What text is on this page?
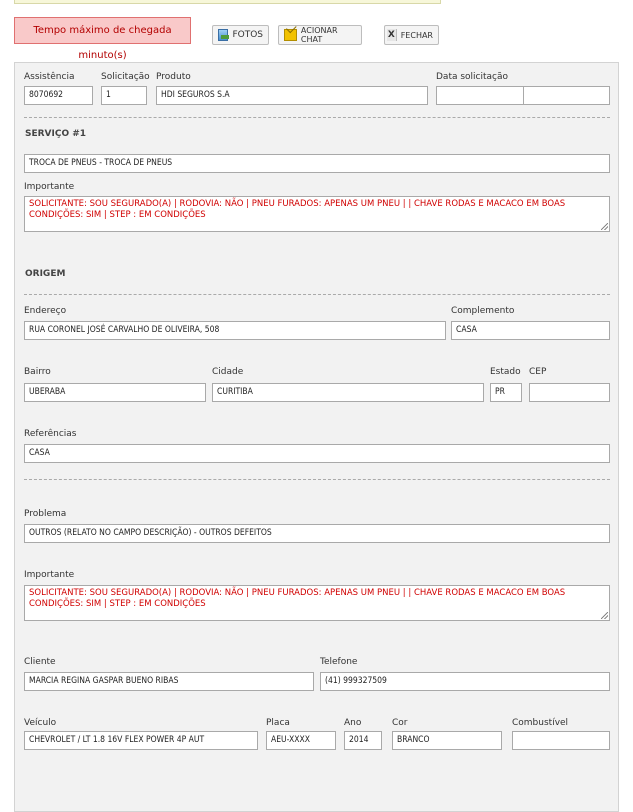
Tempo máximo de chegada minuto(s)
FOTOS	ACIONAR CHAT	X FECHAR
Assistência
8070692
Solicitação
1
Produto
HDI SEGUROS S.A
Data solicitação
SERVIÇO #1
TROCA DE PNEUS - TROCA DE PNEUS
Importante
SOLICITANTE: SOU SEGURADO(A) | RODOVIA: NÃO | PNEU FURADOS: APENAS UM PNEU | | CHAVE RODAS E MACACO EM BOAS CONDIÇÕES: SIM | STEP : EM CONDIÇÕES
ORIGEM
Endereço
RUA CORONEL JOSÉ CARVALHO DE OLIVEIRA, 508
Complemento
CASA
Bairro
UBERABA
Cidade
CURITIBA
Estado
PR
CEP
Referências
CASA
Problema
OUTROS (RELATO NO CAMPO DESCRIÇÃO) - OUTROS DEFEITOS
Importante
SOLICITANTE: SOU SEGURADO(A) | RODOVIA: NÃO | PNEU FURADOS: APENAS UM PNEU | | CHAVE RODAS E MACACO EM BOAS CONDIÇÕES: SIM | STEP : EM CONDIÇÕES
Cliente
MARCIA REGINA GASPAR BUENO RIBAS
Telefone
(41) 999327509
Veículo
CHEVROLET / LT 1.8 16V FLEX POWER 4P AUT
Placa
AEU-XXXX
Ano
2014
Cor
BRANCO
Combustível
